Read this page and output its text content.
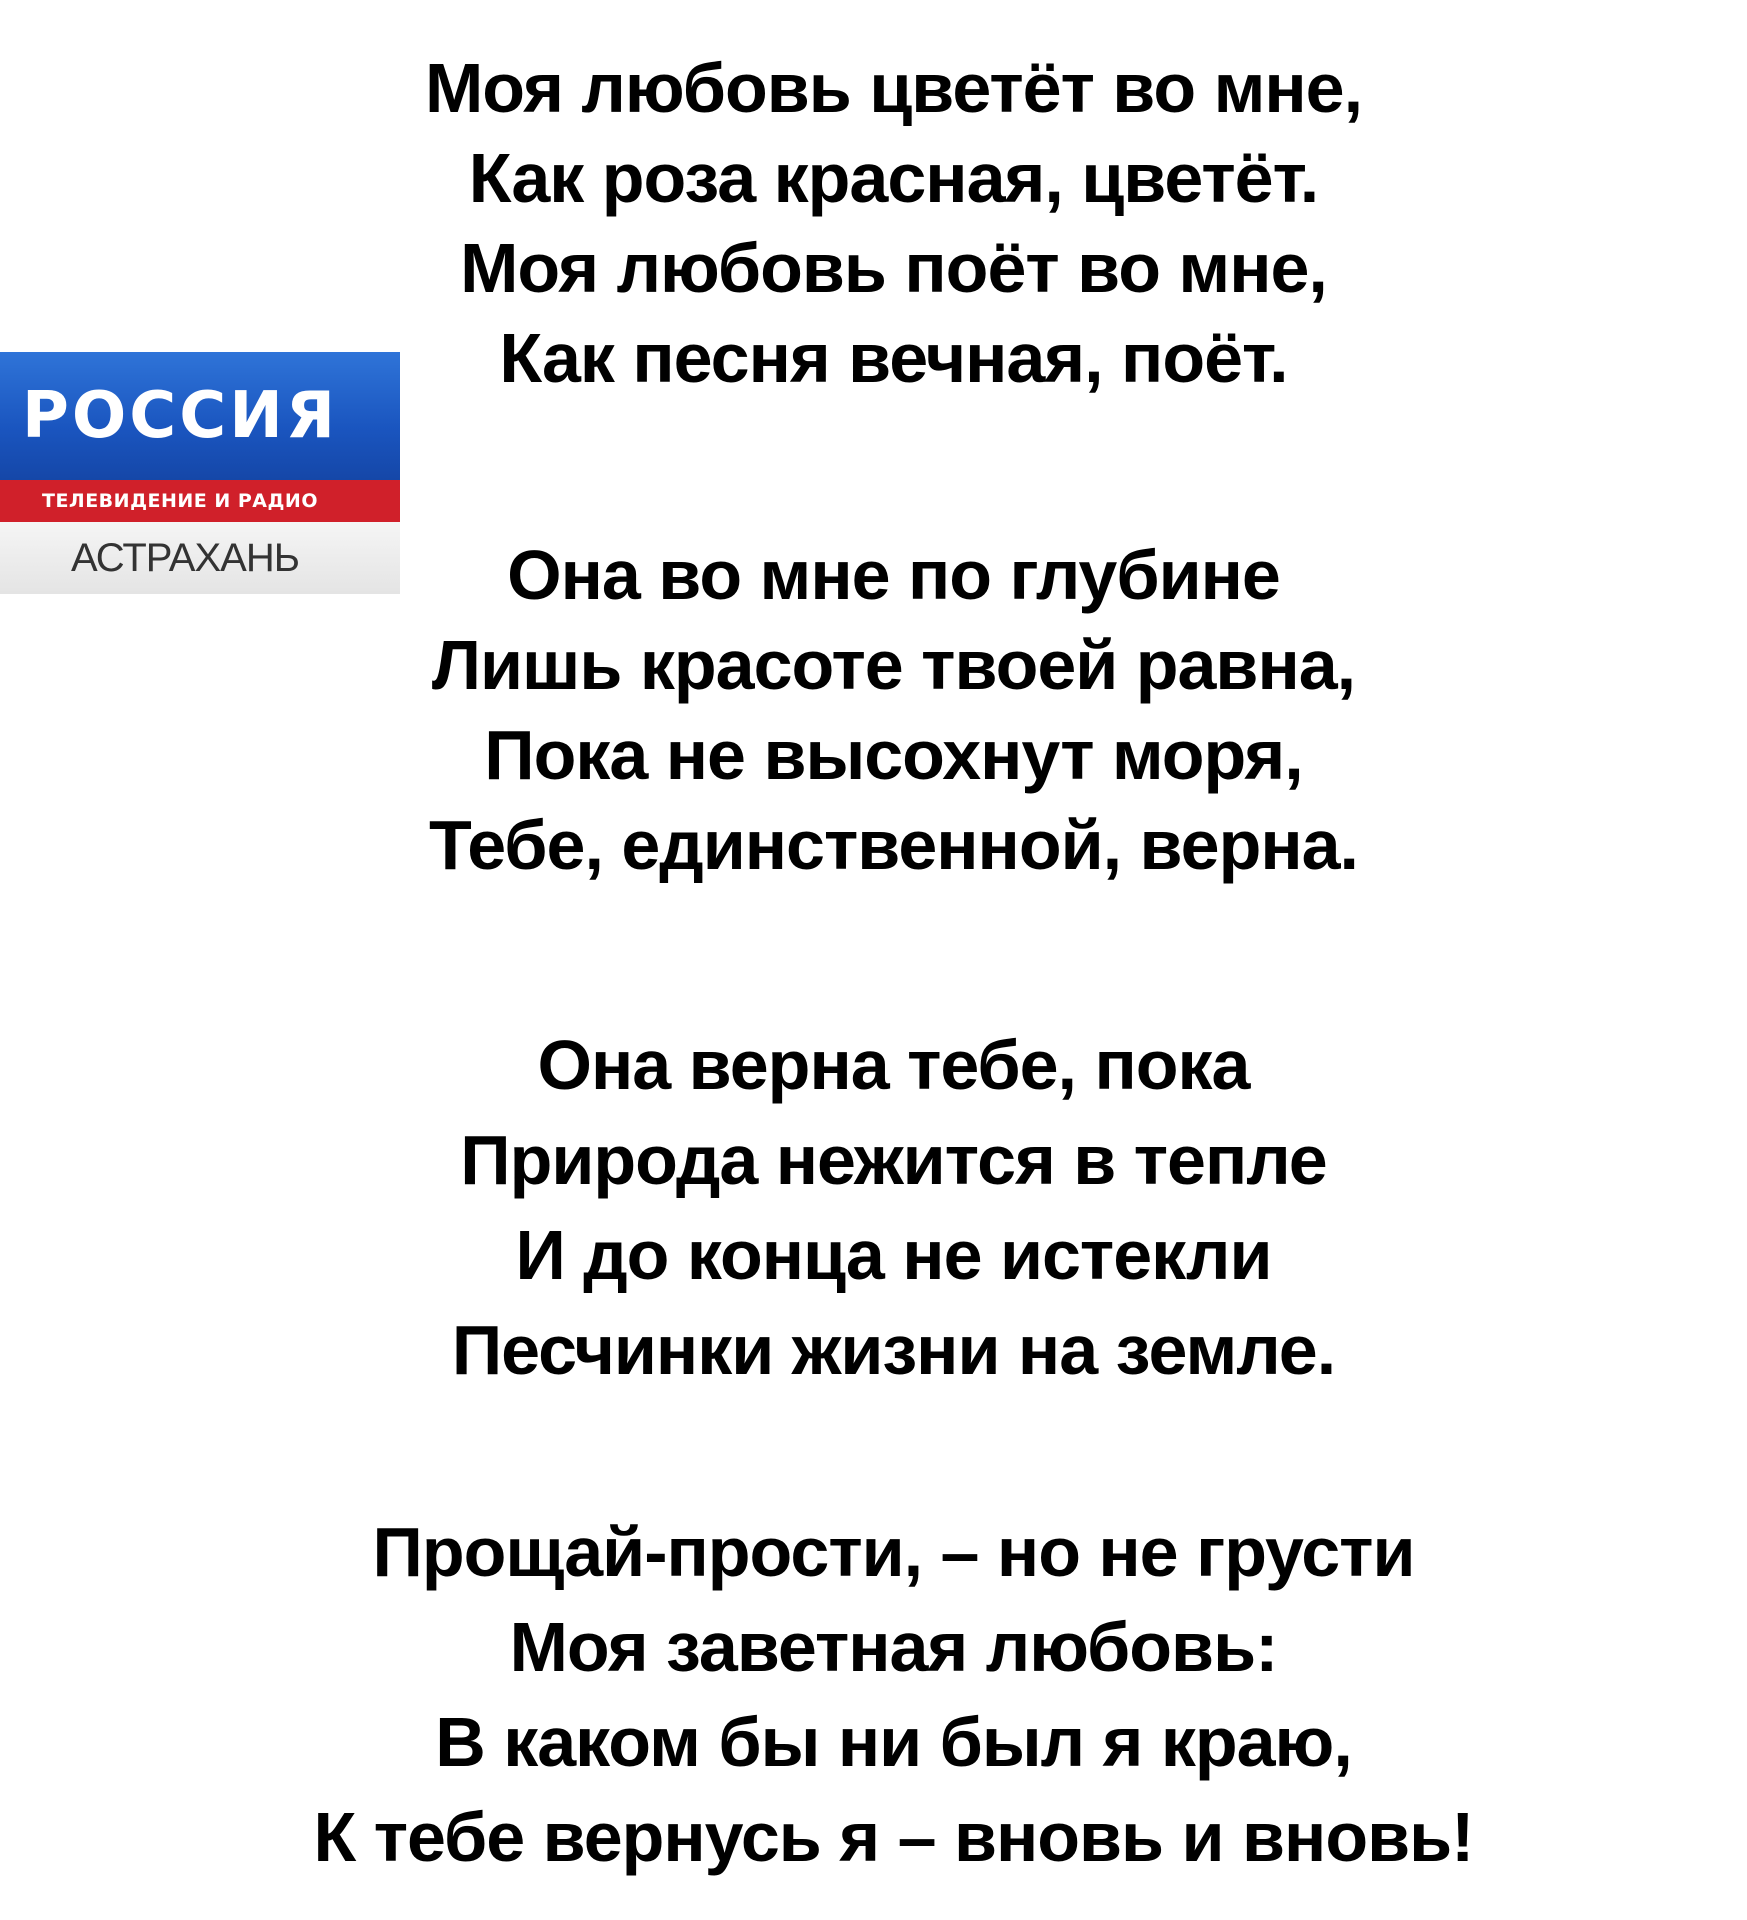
Моя любовь цветёт во мне,
Как роза красная, цветёт.
Моя любовь поёт во мне,
Как песня вечная, поёт.
Она во мне по глубине
Лишь красоте твоей равна,
Пока не высохнут моря,
Тебе, единственной, верна.
Она верна тебе, пока
Природа нежится в тепле
И до конца не истекли
Песчинки жизни на земле.
Прощай-прости, – но не грусти
Моя заветная любовь:
В каком бы ни был я краю,
К тебе вернусь я – вновь и вновь!
РОССИЯ
ТЕЛЕВИДЕНИЕ И РАДИО
АСТРАХАНЬ
